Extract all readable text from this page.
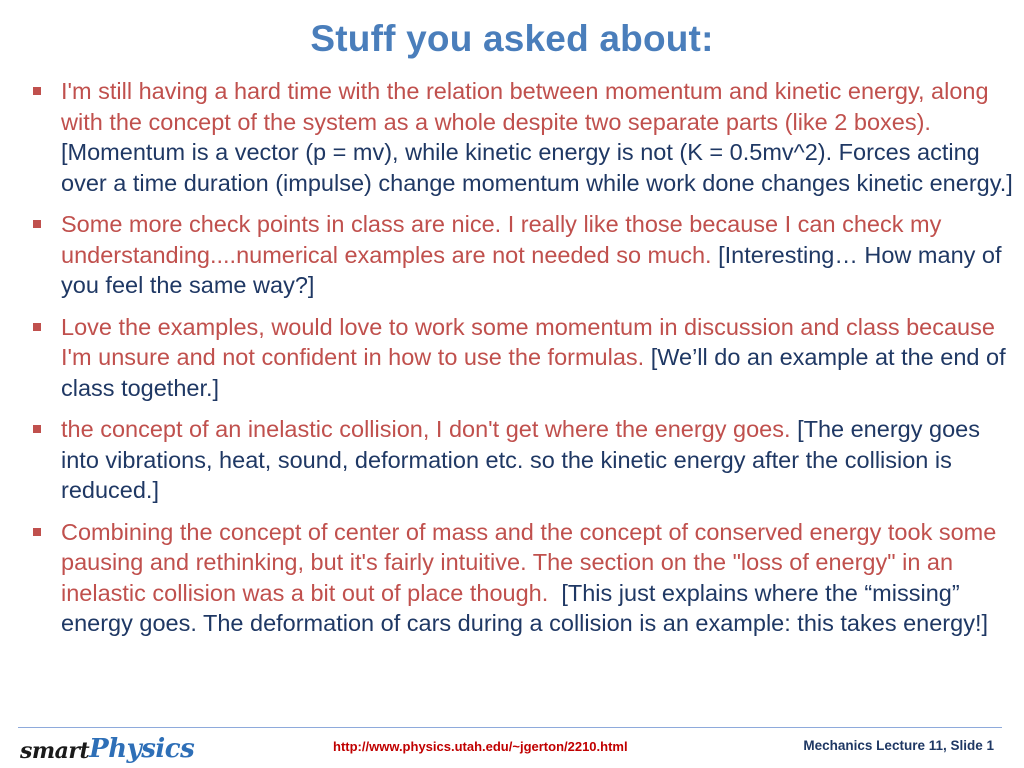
Stuff you asked about:
I'm still having a hard time with the relation between momentum and kinetic energy, along with the concept of the system as a whole despite two separate parts (like 2 boxes).  [Momentum is a vector (p = mv), while kinetic energy is not (K = 0.5mv^2). Forces acting over a time duration (impulse) change momentum while work done changes kinetic energy.]
Some more check points in class are nice. I really like those because I can check my understanding....numerical examples are not needed so much. [Interesting… How many of you feel the same way?]
Love the examples, would love to work some momentum in discussion and class because I'm unsure and not confident in how to use the formulas. [We’ll do an example at the end of class together.]
the concept of an inelastic collision, I don't get where the energy goes. [The energy goes into vibrations, heat, sound, deformation etc. so the kinetic energy after the collision is reduced.]
Combining the concept of center of mass and the concept of conserved energy took some pausing and rethinking, but it's fairly intuitive. The section on the "loss of energy" in an inelastic collision was a bit out of place though. [This just explains where the “missing” energy goes. The deformation of cars during a collision is an example: this takes energy!]
smart Physics	http://www.physics.utah.edu/~jgerton/2210.html	Mechanics Lecture 11, Slide 1
